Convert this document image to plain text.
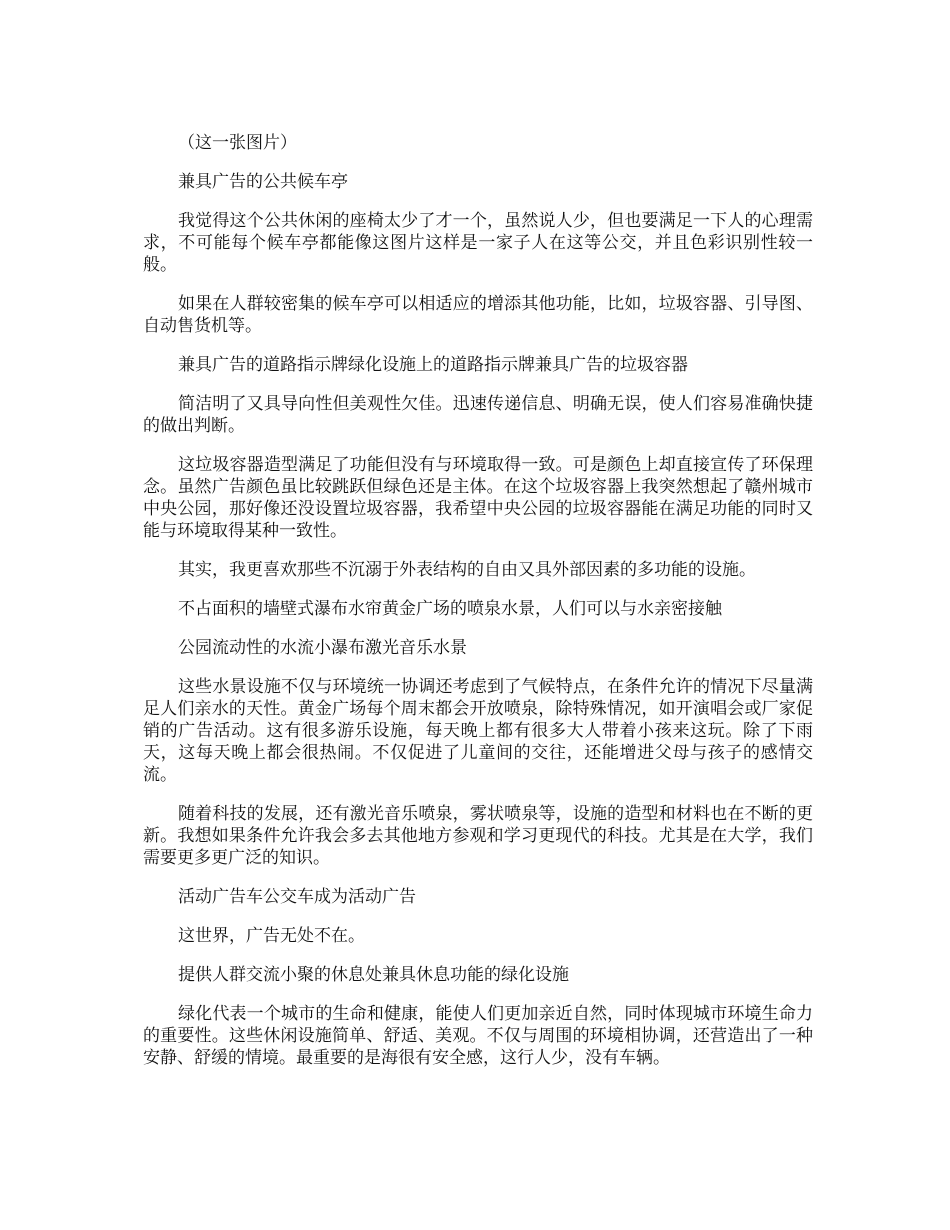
（这一张图片）

兼具广告的公共候车亭

我觉得这个公共休闲的座椅太少了才一个，虽然说人少，但也要满足一下人的心理需求，不可能每个候车亭都能像这图片这样是一家子人在这等公交，并且色彩识别性较一般。

如果在人群较密集的候车亭可以相适应的增添其他功能，比如，垃圾容器、引导图、自动售货机等。

兼具广告的道路指示牌绿化设施上的道路指示牌兼具广告的垃圾容器

简洁明了又具导向性但美观性欠佳。迅速传递信息、明确无误，使人们容易准确快捷的做出判断。

这垃圾容器造型满足了功能但没有与环境取得一致。可是颜色上却直接宣传了环保理念。虽然广告颜色虽比较跳跃但绿色还是主体。在这个垃圾容器上我突然想起了赣州城市中央公园，那好像还没设置垃圾容器，我希望中央公园的垃圾容器能在满足功能的同时又能与环境取得某种一致性。

其实，我更喜欢那些不沉溺于外表结构的自由又具外部因素的多功能的设施。

不占面积的墙壁式瀑布水帘黄金广场的喷泉水景，人们可以与水亲密接触

公园流动性的水流小瀑布激光音乐水景

这些水景设施不仅与环境统一协调还考虑到了气候特点，在条件允许的情况下尽量满足人们亲水的天性。黄金广场每个周末都会开放喷泉，除特殊情况，如开演唱会或厂家促销的广告活动。这有很多游乐设施，每天晚上都有很多大人带着小孩来这玩。除了下雨天，这每天晚上都会很热闹。不仅促进了儿童间的交往，还能增进父母与孩子的感情交流。

随着科技的发展，还有激光音乐喷泉，雾状喷泉等，设施的造型和材料也在不断的更新。我想如果条件允许我会多去其他地方参观和学习更现代的科技。尤其是在大学，我们需要更多更广泛的知识。

活动广告车公交车成为活动广告

这世界，广告无处不在。

提供人群交流小聚的休息处兼具休息功能的绿化设施

绿化代表一个城市的生命和健康，能使人们更加亲近自然，同时体现城市环境生命力的重要性。这些休闲设施简单、舒适、美观。不仅与周围的环境相协调，还营造出了一种安静、舒缓的情境。最重要的是海很有安全感，这行人少，没有车辆。
